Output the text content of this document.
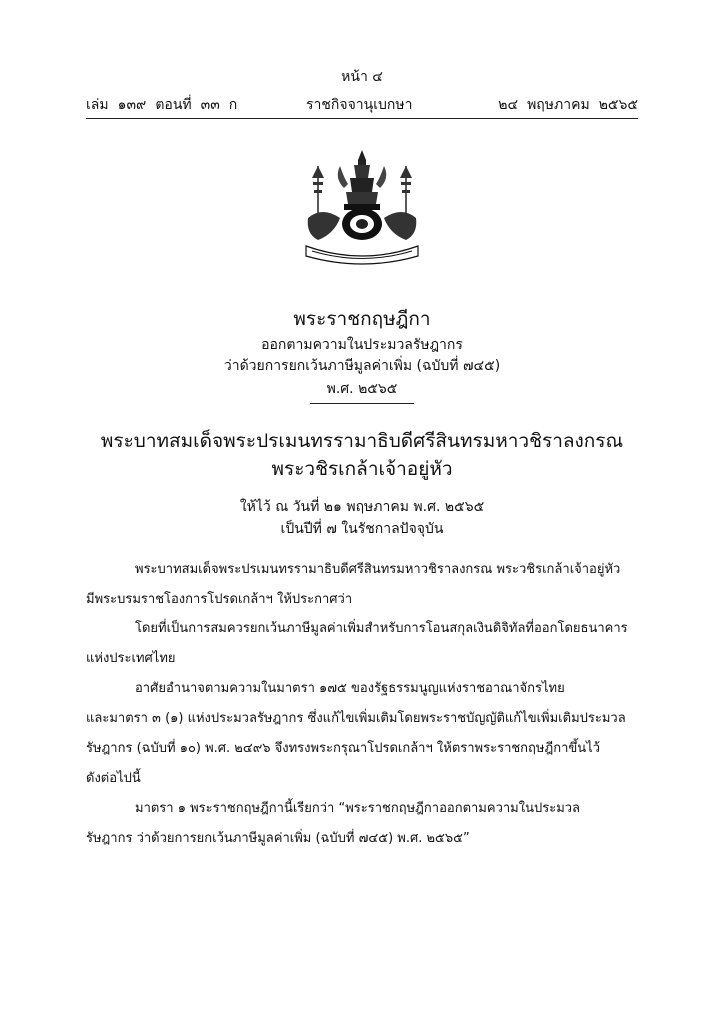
หน้า ๔
เล่ม ๑๓๙ ตอนที่ ๓๓ ก	ราชกิจจานุเบกษา	๒๔ พฤษภาคม ๒๕๖๕
พระราชกฤษฎีกา
ออกตามความในประมวลรัษฎากร
ว่าด้วยการยกเว้นภาษีมูลค่าเพิ่ม (ฉบับที่ ๗๔๕)
พ.ศ. ๒๕๖๕
พระบาทสมเด็จพระปรเมนทรรามาธิบดีศรีสินทรมหาวชิราลงกรณ
พระวชิรเกล้าเจ้าอยู่หัว
ให้ไว้ ณ วันที่ ๒๑ พฤษภาคม พ.ศ. ๒๕๖๕
เป็นปีที่ ๗ ในรัชกาลปัจจุบัน
พระบาทสมเด็จพระปรเมนทรรามาธิบดีศรีสินทรมหาวชิราลงกรณ พระวชิรเกล้าเจ้าอยู่หัว
มีพระบรมราชโองการโปรดเกล้าฯ ให้ประกาศว่า
โดยที่เป็นการสมควรยกเว้นภาษีมูลค่าเพิ่มสำหรับการโอนสกุลเงินดิจิทัลที่ออกโดยธนาคาร
แห่งประเทศไทย
อาศัยอำนาจตามความในมาตรา ๑๗๕ ของรัฐธรรมนูญแห่งราชอาณาจักรไทย
และมาตรา ๓ (๑) แห่งประมวลรัษฎากร ซึ่งแก้ไขเพิ่มเติมโดยพระราชบัญญัติแก้ไขเพิ่มเติมประมวล
รัษฎากร (ฉบับที่ ๑๐) พ.ศ. ๒๔๙๖ จึงทรงพระกรุณาโปรดเกล้าฯ ให้ตราพระราชกฤษฎีกาขึ้นไว้
ดังต่อไปนี้
มาตรา ๑ พระราชกฤษฎีกานี้เรียกว่า “พระราชกฤษฎีกาออกตามความในประมวล
รัษฎากร ว่าด้วยการยกเว้นภาษีมูลค่าเพิ่ม (ฉบับที่ ๗๔๕) พ.ศ. ๒๕๖๕”
